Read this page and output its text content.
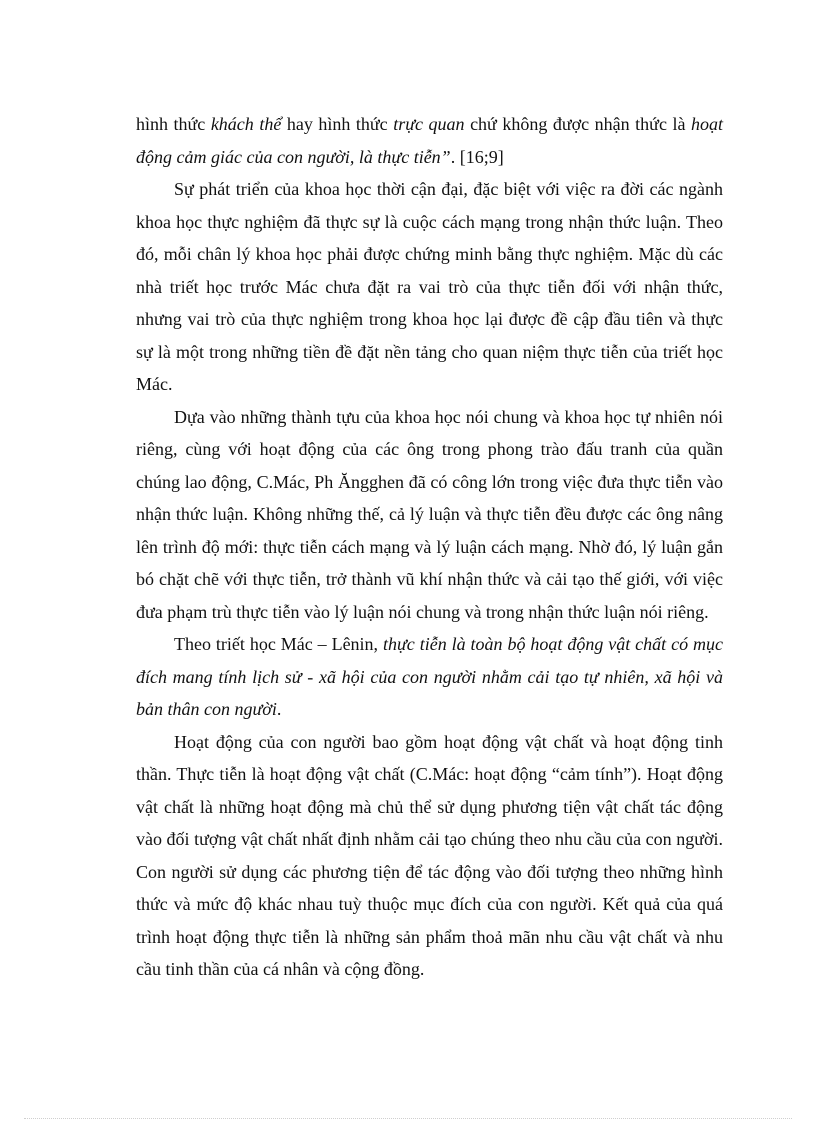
hình thức khách thể hay hình thức trực quan chứ không được nhận thức là hoạt động cảm giác của con người, là thực tiễn”. [16;9]

Sự phát triển của khoa học thời cận đại, đặc biệt với việc ra đời các ngành khoa học thực nghiệm đã thực sự là cuộc cách mạng trong nhận thức luận. Theo đó, mỗi chân lý khoa học phải được chứng minh bằng thực nghiệm. Mặc dù các nhà triết học trước Mác chưa đặt ra vai trò của thực tiễn đối với nhận thức, nhưng vai trò của thực nghiệm trong khoa học lại được đề cập đầu tiên và thực sự là một trong những tiền đề đặt nền tảng cho quan niệm thực tiễn của triết học Mác.

Dựa vào những thành tựu của khoa học nói chung và khoa học tự nhiên nói riêng, cùng với hoạt động của các ông trong phong trào đấu tranh của quần chúng lao động, C.Mác, Ph Ăngghen đã có công lớn trong việc đưa thực tiễn vào nhận thức luận. Không những thế, cả lý luận và thực tiễn đều được các ông nâng lên trình độ mới: thực tiễn cách mạng và lý luận cách mạng. Nhờ đó, lý luận gắn bó chặt chẽ với thực tiễn, trở thành vũ khí nhận thức và cải tạo thế giới, với việc đưa phạm trù thực tiễn vào lý luận nói chung và trong nhận thức luận nói riêng.

Theo triết học Mác – Lênin, thực tiễn là toàn bộ hoạt động vật chất có mục đích mang tính lịch sử - xã hội của con người nhằm cải tạo tự nhiên, xã hội và bản thân con người.

Hoạt động của con người bao gồm hoạt động vật chất và hoạt động tinh thần. Thực tiễn là hoạt động vật chất (C.Mác: hoạt động “cảm tính”). Hoạt động vật chất là những hoạt động mà chủ thể sử dụng phương tiện vật chất tác động vào đối tượng vật chất nhất định nhằm cải tạo chúng theo nhu cầu của con người. Con người sử dụng các phương tiện để tác động vào đối tượng theo những hình thức và mức độ khác nhau tuỳ thuộc mục đích của con người. Kết quả của quá trình hoạt động thực tiễn là những sản phẩm thoả mãn nhu cầu vật chất và nhu cầu tinh thần của cá nhân và cộng đồng.
